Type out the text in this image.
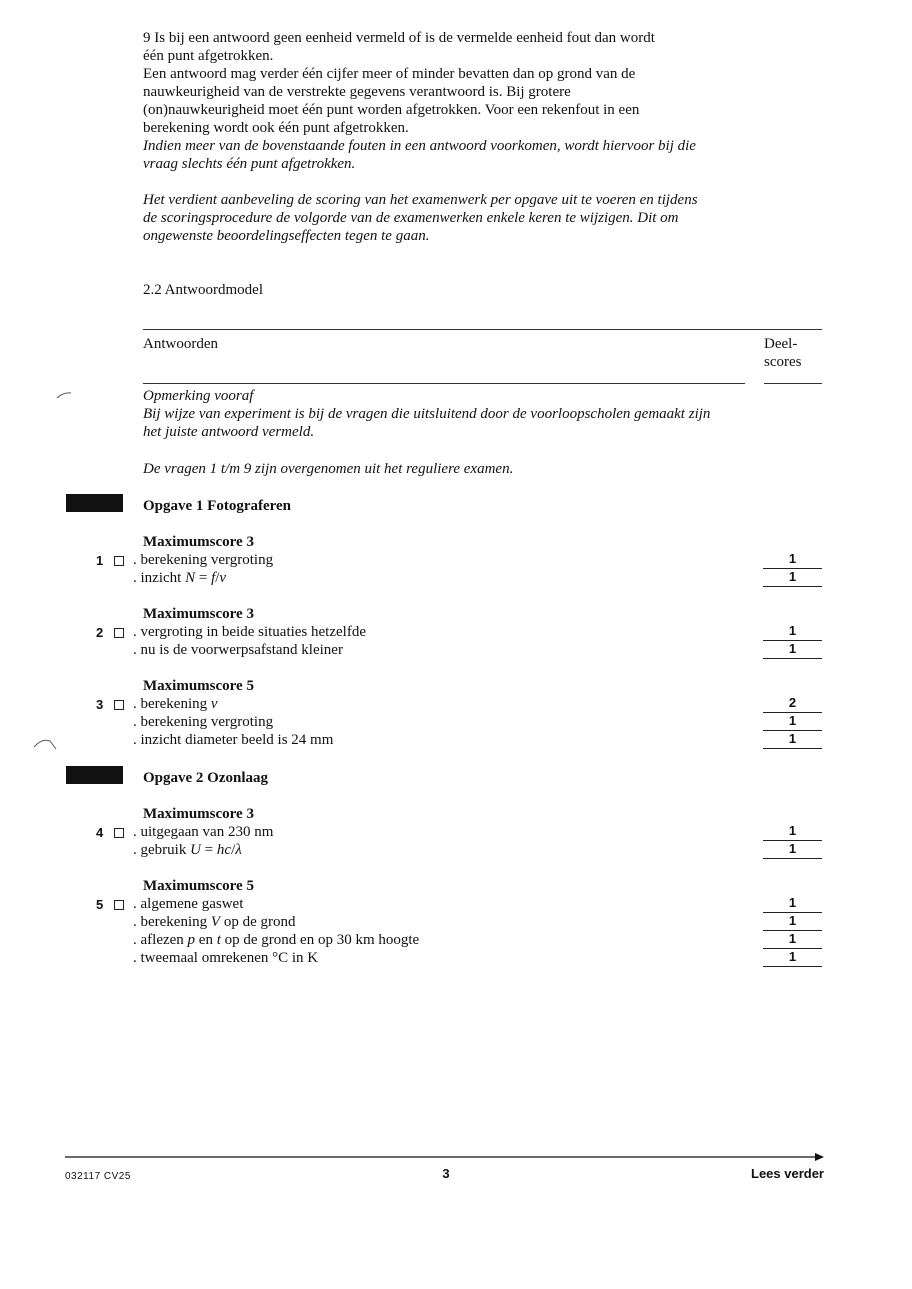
9 Is bij een antwoord geen eenheid vermeld of is de vermelde eenheid fout dan wordt
één punt afgetrokken.
Een antwoord mag verder één cijfer meer of minder bevatten dan op grond van de
nauwkeurigheid van de verstrekte gegevens verantwoord is. Bij grotere
(on)nauwkeurigheid moet één punt worden afgetrokken. Voor een rekenfout in een
berekening wordt ook één punt afgetrokken.
Indien meer van de bovenstaande fouten in een antwoord voorkomen, wordt hiervoor bij die
vraag slechts één punt afgetrokken.
Het verdient aanbeveling de scoring van het examenwerk per opgave uit te voeren en tijdens
de scoringsprocedure de volgorde van de examenwerken enkele keren te wijzigen. Dit om
ongewenste beoordelingseffecten tegen te gaan.
2.2 Antwoordmodel
Antwoorden	Deel-
scores
Opmerking vooraf
Bij wijze van experiment is bij de vragen die uitsluitend door de voorloopscholen gemaakt zijn
het juiste antwoord vermeld.
De vragen 1 t/m 9 zijn overgenomen uit het reguliere examen.
Opgave 1 Fotograferen
Maximumscore 3
1 . berekening vergroting	1
. inzicht N = f/v	1
Maximumscore 3
2 . vergroting in beide situaties hetzelfde	1
. nu is de voorwerpsafstand kleiner	1
Maximumscore 5
3 . berekening v	2
. berekening vergroting	1
. inzicht diameter beeld is 24 mm	1
Opgave 2 Ozonlaag
Maximumscore 3
4 . uitgegaan van 230 nm	1
. gebruik U = hc/λ	1
Maximumscore 5
5 . algemene gaswet	1
. berekening V op de grond	1
. aflezen p en t op de grond en op 30 km hoogte	1
. tweemaal omrekenen °C in K	1
032117 CV25	3	Lees verder
